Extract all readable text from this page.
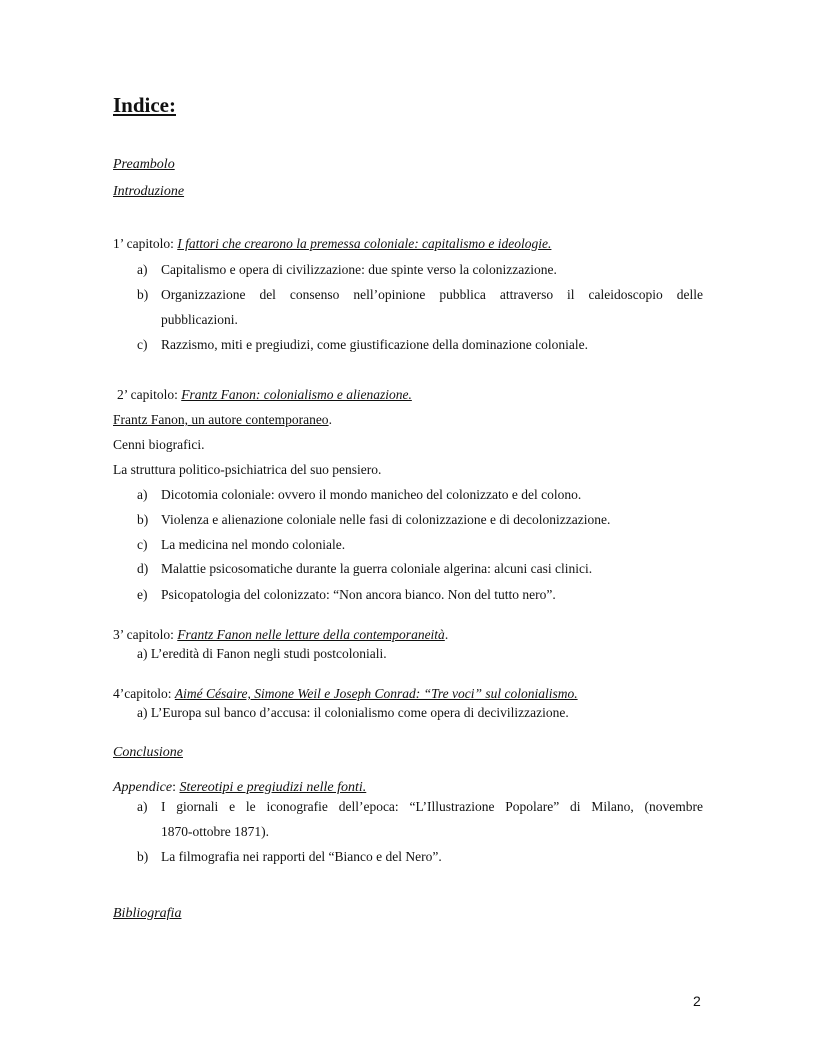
Indice:
Preambolo
Introduzione
1’ capitolo: I fattori che crearono la premessa coloniale: capitalismo e ideologie.
a) Capitalismo e opera di civilizzazione: due spinte verso la colonizzazione.
b) Organizzazione del consenso nell’opinione pubblica attraverso il caleidoscopio delle
pubblicazioni.
c) Razzismo, miti e pregiudizi, come giustificazione della dominazione coloniale.
2’ capitolo: Frantz Fanon: colonialismo e alienazione.
Frantz Fanon, un autore contemporaneo.
Cenni biografici.
La struttura politico-psichiatrica del suo pensiero.
a) Dicotomia coloniale: ovvero il mondo manicheo del colonizzato e del colono.
b) Violenza e alienazione coloniale nelle fasi di colonizzazione e di decolonizzazione.
c) La medicina nel mondo coloniale.
d) Malattie psicosomatiche durante la guerra coloniale algerina: alcuni casi clinici.
e) Psicopatologia del colonizzato: “Non ancora bianco. Non del tutto nero”.
3’ capitolo: Frantz Fanon nelle letture della contemporaneità.
a) L’eredità di Fanon negli studi postcoloniali.
4’capitolo: Aimé Césaire, Simone Weil e Joseph Conrad: “Tre voci” sul colonialismo.
a) L’Europa sul banco d’accusa: il colonialismo come opera di decivilizzazione.
Conclusione
Appendice: Stereotipi e pregiudizi nelle fonti.
a) I giornali e le iconografie dell’epoca: “L’Illustrazione Popolare” di Milano, (novembre
1870-ottobre 1871).
b) La filmografia nei rapporti del “Bianco e del Nero”.
Bibliografia
2
